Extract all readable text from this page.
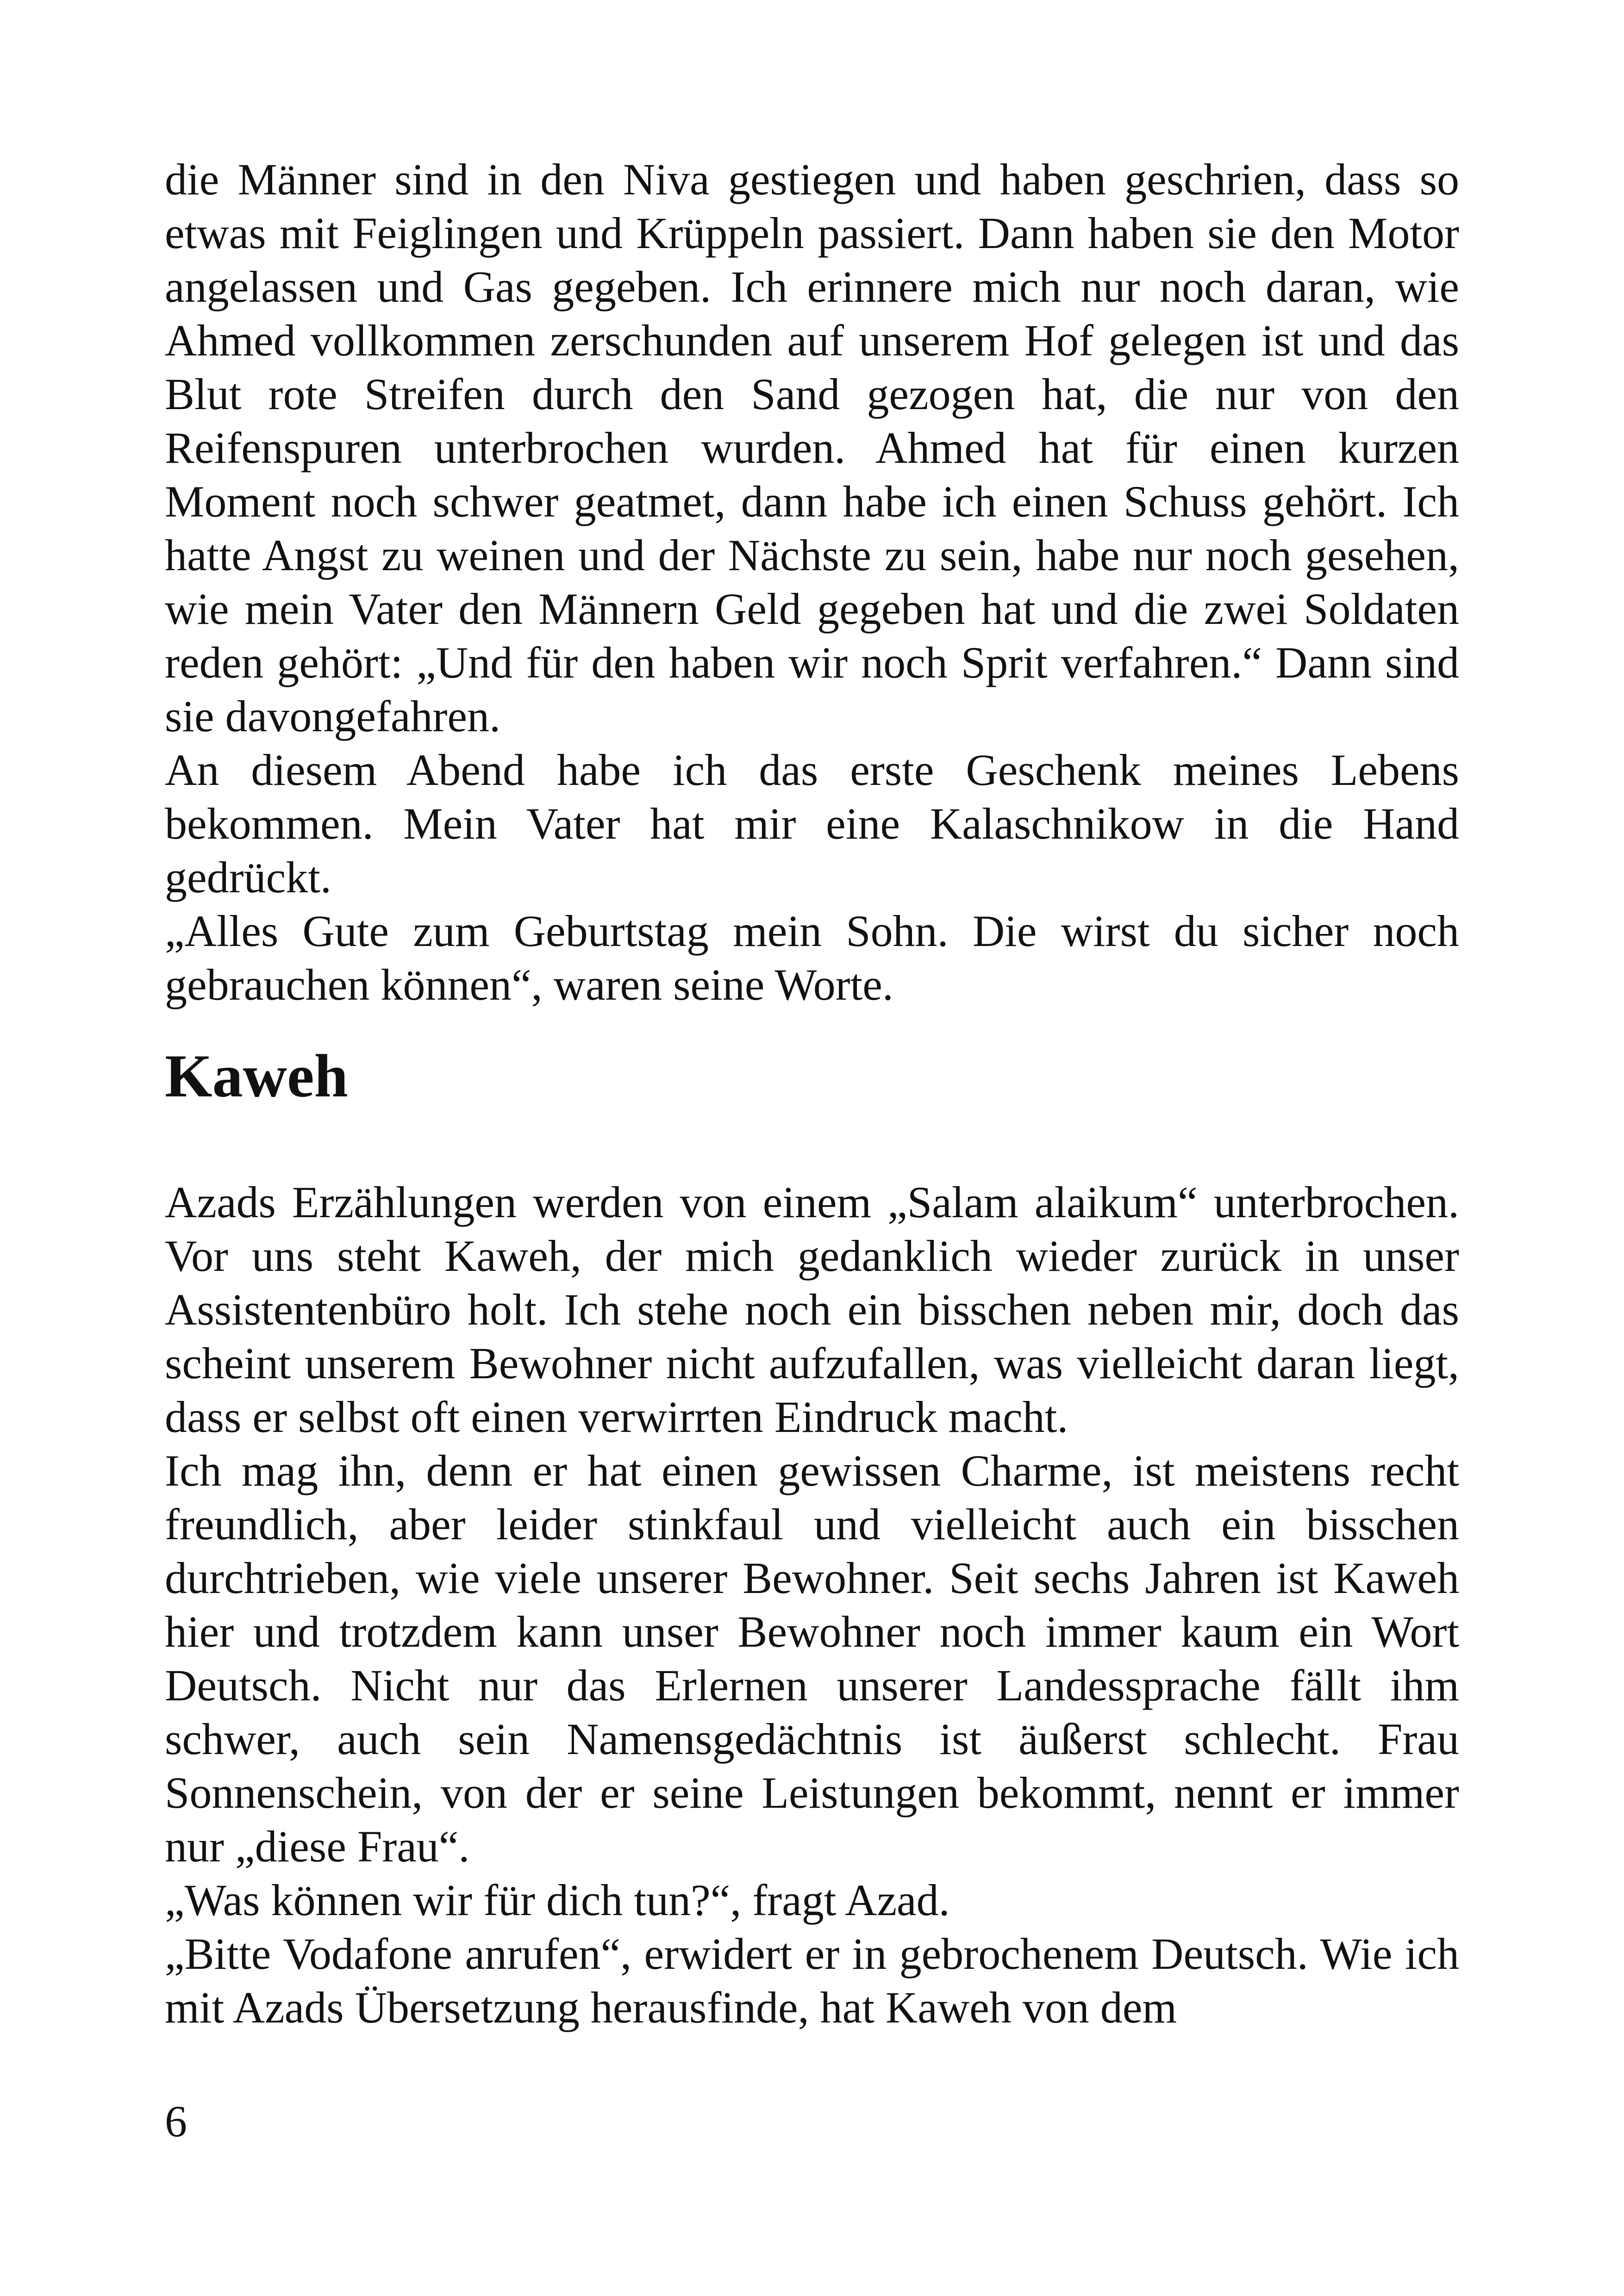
die Männer sind in den Niva gestiegen und haben geschrien, dass so etwas mit Feiglingen und Krüppeln passiert. Dann haben sie den Motor angelassen und Gas gegeben. Ich erinnere mich nur noch daran, wie Ahmed vollkommen zerschunden auf unserem Hof gelegen ist und das Blut rote Streifen durch den Sand gezogen hat, die nur von den Reifenspuren unterbrochen wurden. Ahmed hat für einen kurzen Moment noch schwer geatmet, dann habe ich einen Schuss gehört. Ich hatte Angst zu weinen und der Nächste zu sein, habe nur noch gesehen, wie mein Vater den Männern Geld gegeben hat und die zwei Soldaten reden gehört: „Und für den haben wir noch Sprit verfahren.“ Dann sind sie davongefahren.

An diesem Abend habe ich das erste Geschenk meines Lebens bekommen. Mein Vater hat mir eine Kalaschnikow in die Hand gedrückt.

„Alles Gute zum Geburtstag mein Sohn. Die wirst du sicher noch gebrauchen können“, waren seine Worte.

Kaweh

Azads Erzählungen werden von einem „Salam alaikum“ unterbrochen. Vor uns steht Kaweh, der mich gedanklich wieder zurück in unser Assistentenbüro holt. Ich stehe noch ein bisschen neben mir, doch das scheint unserem Bewohner nicht aufzufallen, was vielleicht daran liegt, dass er selbst oft einen verwirrten Eindruck macht.

Ich mag ihn, denn er hat einen gewissen Charme, ist meistens recht freundlich, aber leider stinkfaul und vielleicht auch ein bisschen durchtrieben, wie viele unserer Bewohner. Seit sechs Jahren ist Kaweh hier und trotzdem kann unser Bewohner noch immer kaum ein Wort Deutsch. Nicht nur das Erlernen unserer Landessprache fällt ihm schwer, auch sein Namensgedächtnis ist äußerst schlecht. Frau Sonnenschein, von der er seine Leistungen bekommt, nennt er immer nur „diese Frau“.

„Was können wir für dich tun?“, fragt Azad.

„Bitte Vodafone anrufen“, erwidert er in gebrochenem Deutsch. Wie ich mit Azads Übersetzung herausfinde, hat Kaweh von dem

6
